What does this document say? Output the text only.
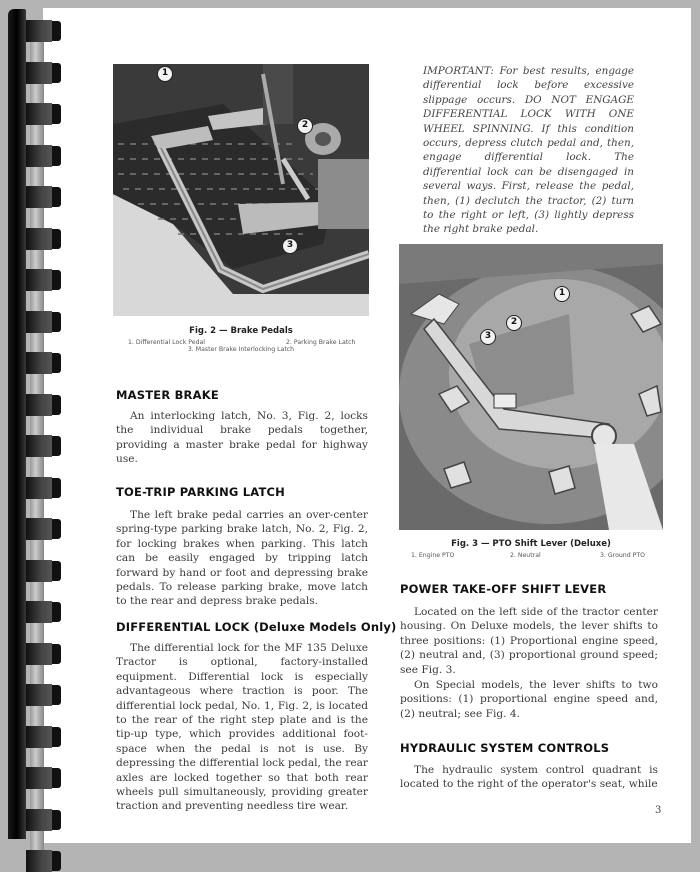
1
2
3
Fig. 2 — Brake Pedals
1. Differential Lock Pedal	2. Parking Brake Latch
3. Master Brake Interlocking Latch

IMPORTANT: For best results, engage differential lock before excessive slippage occurs. DO NOT ENGAGE DIFFERENTIAL LOCK WITH ONE WHEEL SPINNING. If this condition occurs, depress clutch pedal and, then, engage differential lock. The differential lock can be disengaged in several ways. First, release the pedal, then, (1) declutch the tractor, (2) turn to the right or left, (3) lightly depress the right brake pedal.

1
2
3
Fig. 3 — PTO Shift Lever (Deluxe)
1. Engine PTO	2. Neutral	3. Ground PTO
MASTER BRAKE

An interlocking latch, No. 3, Fig. 2, locks the individual brake pedals together, providing a master brake pedal for highway use.

TOE-TRIP PARKING LATCH

The left brake pedal carries an over-center spring-type parking brake latch, No. 2, Fig. 2, for locking brakes when parking. This latch can be easily engaged by tripping latch forward by hand or foot and depressing brake pedals. To release parking brake, move latch to the rear and depress brake pedals.

DIFFERENTIAL LOCK (Deluxe Models Only)

The differential lock for the MF 135 Deluxe Tractor is optional, factory-installed equipment. Differential lock is especially advantageous where traction is poor. The differential lock pedal, No. 1, Fig. 2, is located to the rear of the right step plate and is the tip-up type, which provides additional foot-space when the pedal is not is use. By depressing the differential lock pedal, the rear axles are locked together so that both rear wheels pull simultaneously, providing greater traction and preventing needless tire wear.

POWER TAKE-OFF SHIFT LEVER

Located on the left side of the tractor center housing. On Deluxe models, the lever shifts to three positions: (1) Proportional engine speed, (2) neutral and, (3) proportional ground speed; see Fig. 3.

On Special models, the lever shifts to two positions: (1) proportional engine speed and, (2) neutral; see Fig. 4.

HYDRAULIC SYSTEM CONTROLS

The hydraulic system control quadrant is located to the right of the operator's seat, while

3
